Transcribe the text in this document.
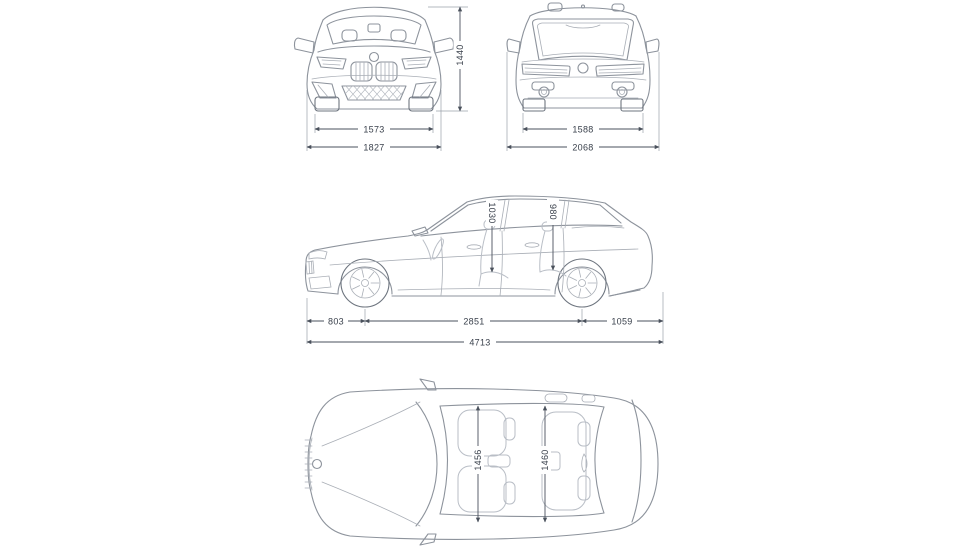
1573
1827
1440
1588
2068
1030	980
803	2851	1059
4713
1456	1460
